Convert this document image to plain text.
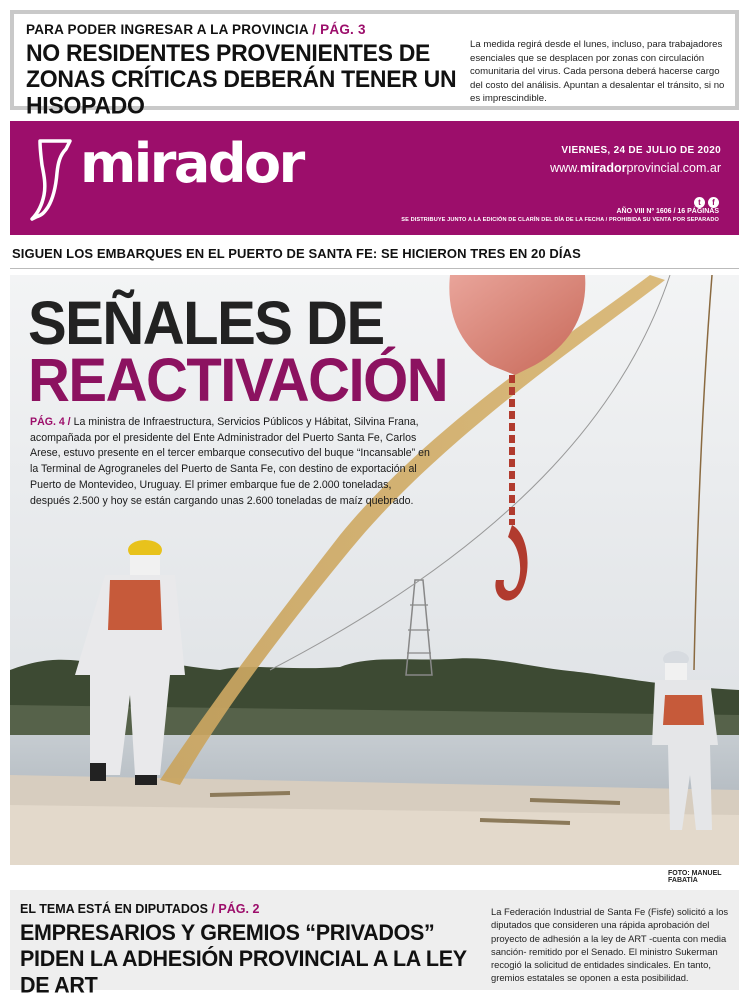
PARA PODER INGRESAR A LA PROVINCIA / PÁG. 3
NO RESIDENTES PROVENIENTES DE ZONAS CRÍTICAS DEBERÁN TENER UN HISOPADO
La medida regirá desde el lunes, incluso, para trabajadores esenciales que se desplacen por zonas con circulación comunitaria del virus. Cada persona deberá hacerse cargo del costo del análisis. Apuntan a desalentar el tránsito, si no es imprescindible.
mirador	VIERNES, 24 DE JULIO DE 2020
www.miradorprovincial.com.ar
t	f
AÑO VIII Nº 1606 / 16 PÁGINAS
SE DISTRIBUYE JUNTO A LA EDICIÓN DE CLARÍN DEL DÍA DE LA FECHA / PROHIBIDA SU VENTA POR SEPARADO
SIGUEN LOS EMBARQUES EN EL PUERTO DE SANTA FE: SE HICIERON TRES EN 20 DÍAS
SEÑALES DE
REACTIVACIÓN
PÁG. 4 / La ministra de Infraestructura, Servicios Públicos y Hábitat, Silvina Frana, acompañada por el presidente del Ente Administrador del Puerto Santa Fe, Carlos Arese, estuvo presente en el tercer embarque consecutivo del buque “Incansable” en la Terminal de Agrograneles del Puerto de Santa Fe, con destino de exportación al Puerto de Montevideo, Uruguay. El primer embarque fue de 2.000 toneladas, después 2.500 y hoy se están cargando unas 2.600 toneladas de maíz quebrado.
FOTO: MANUEL FABATÍA
EL TEMA ESTÁ EN DIPUTADOS / PÁG. 2
EMPRESARIOS Y GREMIOS “PRIVADOS” PIDEN LA ADHESIÓN PROVINCIAL A LA LEY DE ART
La Federación Industrial de Santa Fe (Fisfe) solicitó a los diputados que consideren una rápida aprobación del proyecto de adhesión a la ley de ART -cuenta con media sanción- remitido por el Senado. El ministro Sukerman recogió la solicitud de entidades sindicales. En tanto, gremios estatales se oponen a esta posibilidad.
